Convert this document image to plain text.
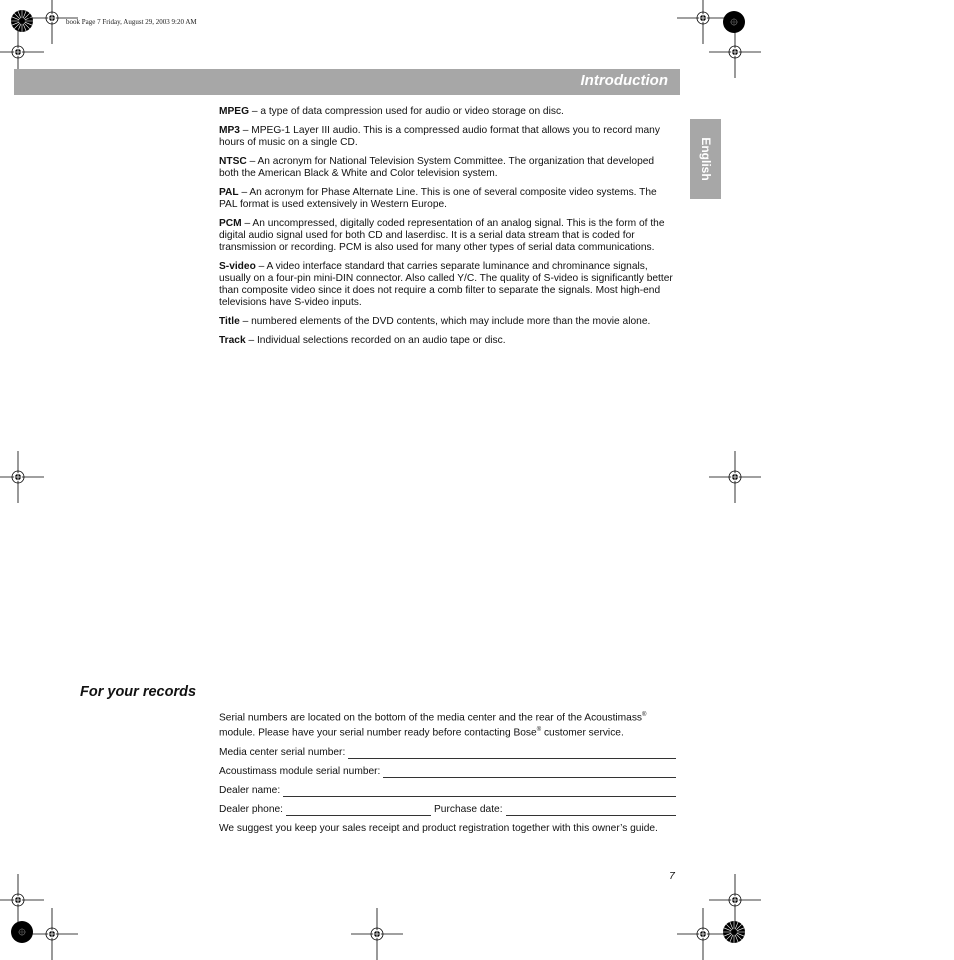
book Page 7 Friday, August 29, 2003 9:20 AM
Introduction
English

MPEG – a type of data compression used for audio or video storage on disc.

MP3 – MPEG-1 Layer III audio. This is a compressed audio format that allows you to record many hours of music on a single CD.

NTSC – An acronym for National Television System Committee. The organization that developed both the American Black & White and Color television system.

PAL – An acronym for Phase Alternate Line. This is one of several composite video systems. The PAL format is used extensively in Western Europe.

PCM – An uncompressed, digitally coded representation of an analog signal. This is the form of the digital audio signal used for both CD and laserdisc. It is a serial data stream that is coded for transmission or recording. PCM is also used for many other types of serial data communications.

S-video – A video interface standard that carries separate luminance and chrominance signals, usually on a four-pin mini-DIN connector. Also called Y/C. The quality of S-video is significantly better than composite video since it does not require a comb filter to separate the signals. Most high-end televisions have S-video inputs.

Title – numbered elements of the DVD contents, which may include more than the movie alone.

Track – Individual selections recorded on an audio tape or disc.

For your records

Serial numbers are located on the bottom of the media center and the rear of the Acoustimass® module. Please have your serial number ready before contacting Bose® customer service.

Media center serial number:
Acoustimass module serial number:
Dealer name:
Dealer phone:	Purchase date:

We suggest you keep your sales receipt and product registration together with this owner’s guide.

7
